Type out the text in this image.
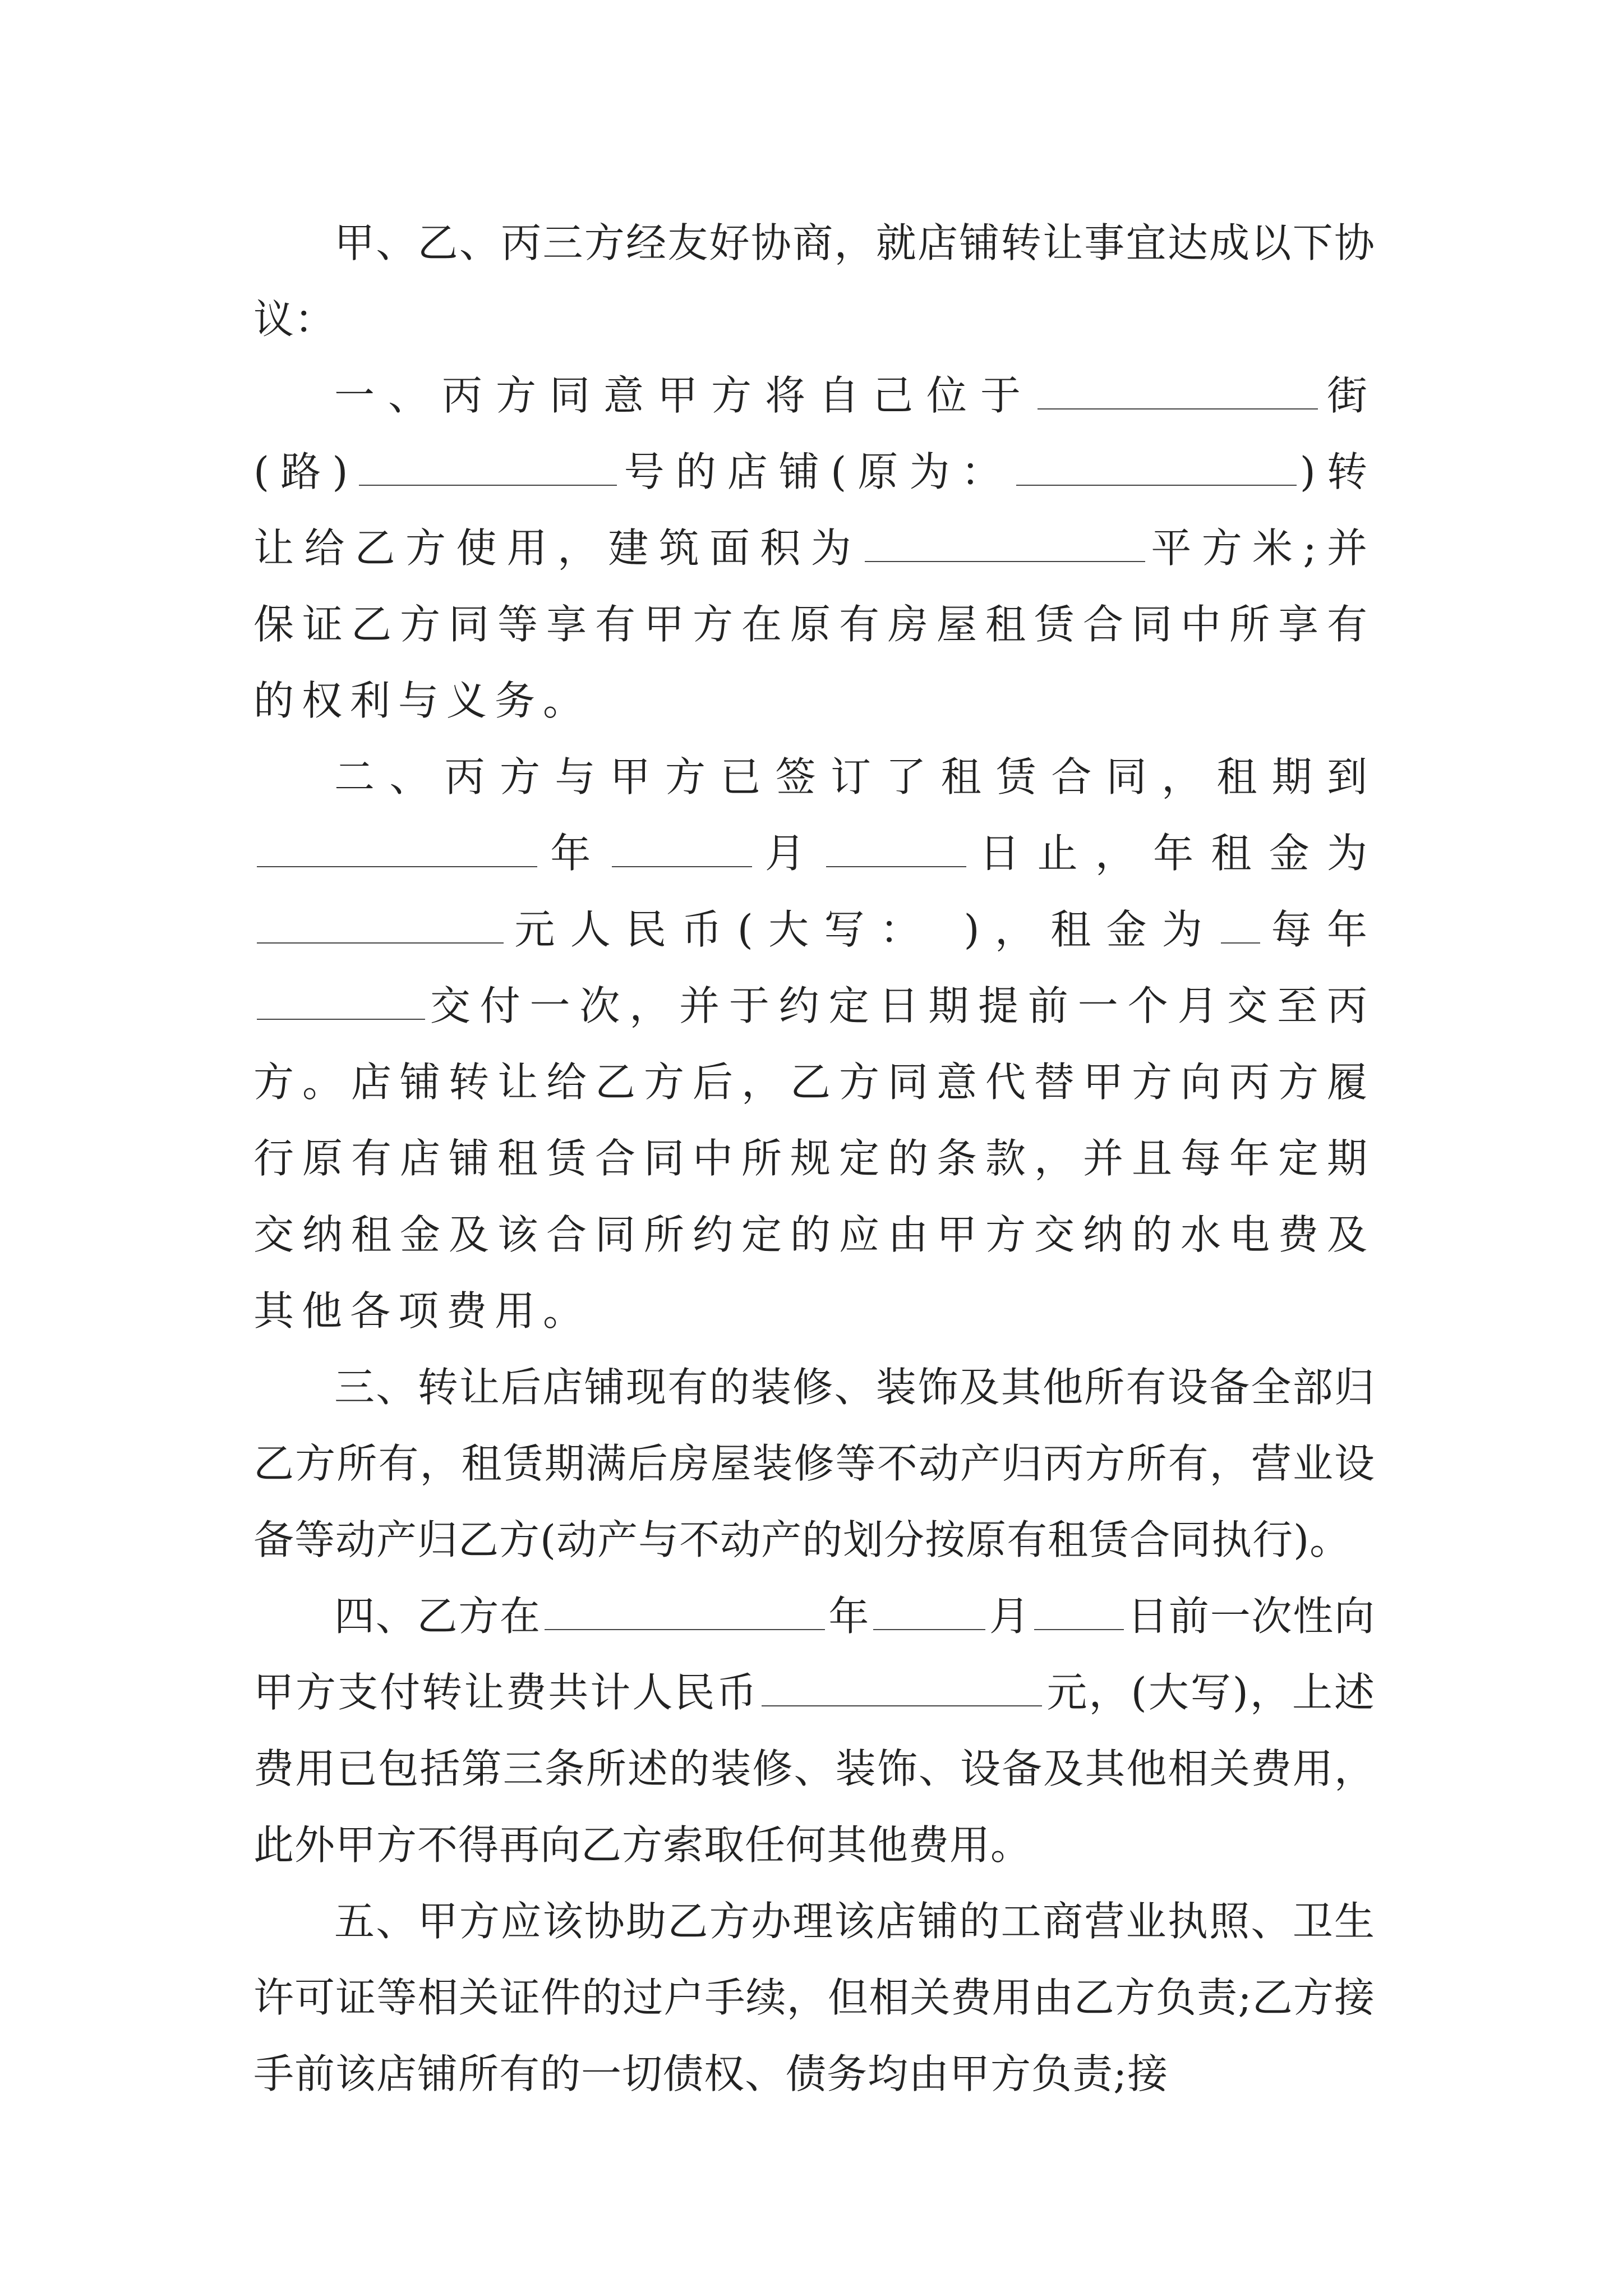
甲、乙、丙三方经友好协商，就店铺转让事宜达成以下协议：

一、丙方同意甲方将自己位于	街(路)	号的店铺(原为：	)转让给乙方使用，建筑面积为	平方米;并保证乙方同等享有甲方在原有房屋租赁合同中所享有的权利与义务。

二、丙方与甲方已签订了租赁合同，租期到年	月	日止，年租金为元人民币(大写： )，租金为 每年交付一次，并于约定日期提前一个月交至丙方。店铺转让给乙方后，乙方同意代替甲方向丙方履行原有店铺租赁合同中所规定的条款，并且每年定期交纳租金及该合同所约定的应由甲方交纳的水电费及其他各项费用。

三、转让后店铺现有的装修、装饰及其他所有设备全部归乙方所有，租赁期满后房屋装修等不动产归丙方所有，营业设备等动产归乙方(动产与不动产的划分按原有租赁合同执行)。

四、乙方在	年	月 日前一次性向甲方支付转让费共计人民币	元，(大写)，上述费用已包括第三条所述的装修、装饰、设备及其他相关费用，此外甲方不得再向乙方索取任何其他费用。

五、甲方应该协助乙方办理该店铺的工商营业执照、卫生许可证等相关证件的过户手续，但相关费用由乙方负责;乙方接手前该店铺所有的一切债权、债务均由甲方负责;接
